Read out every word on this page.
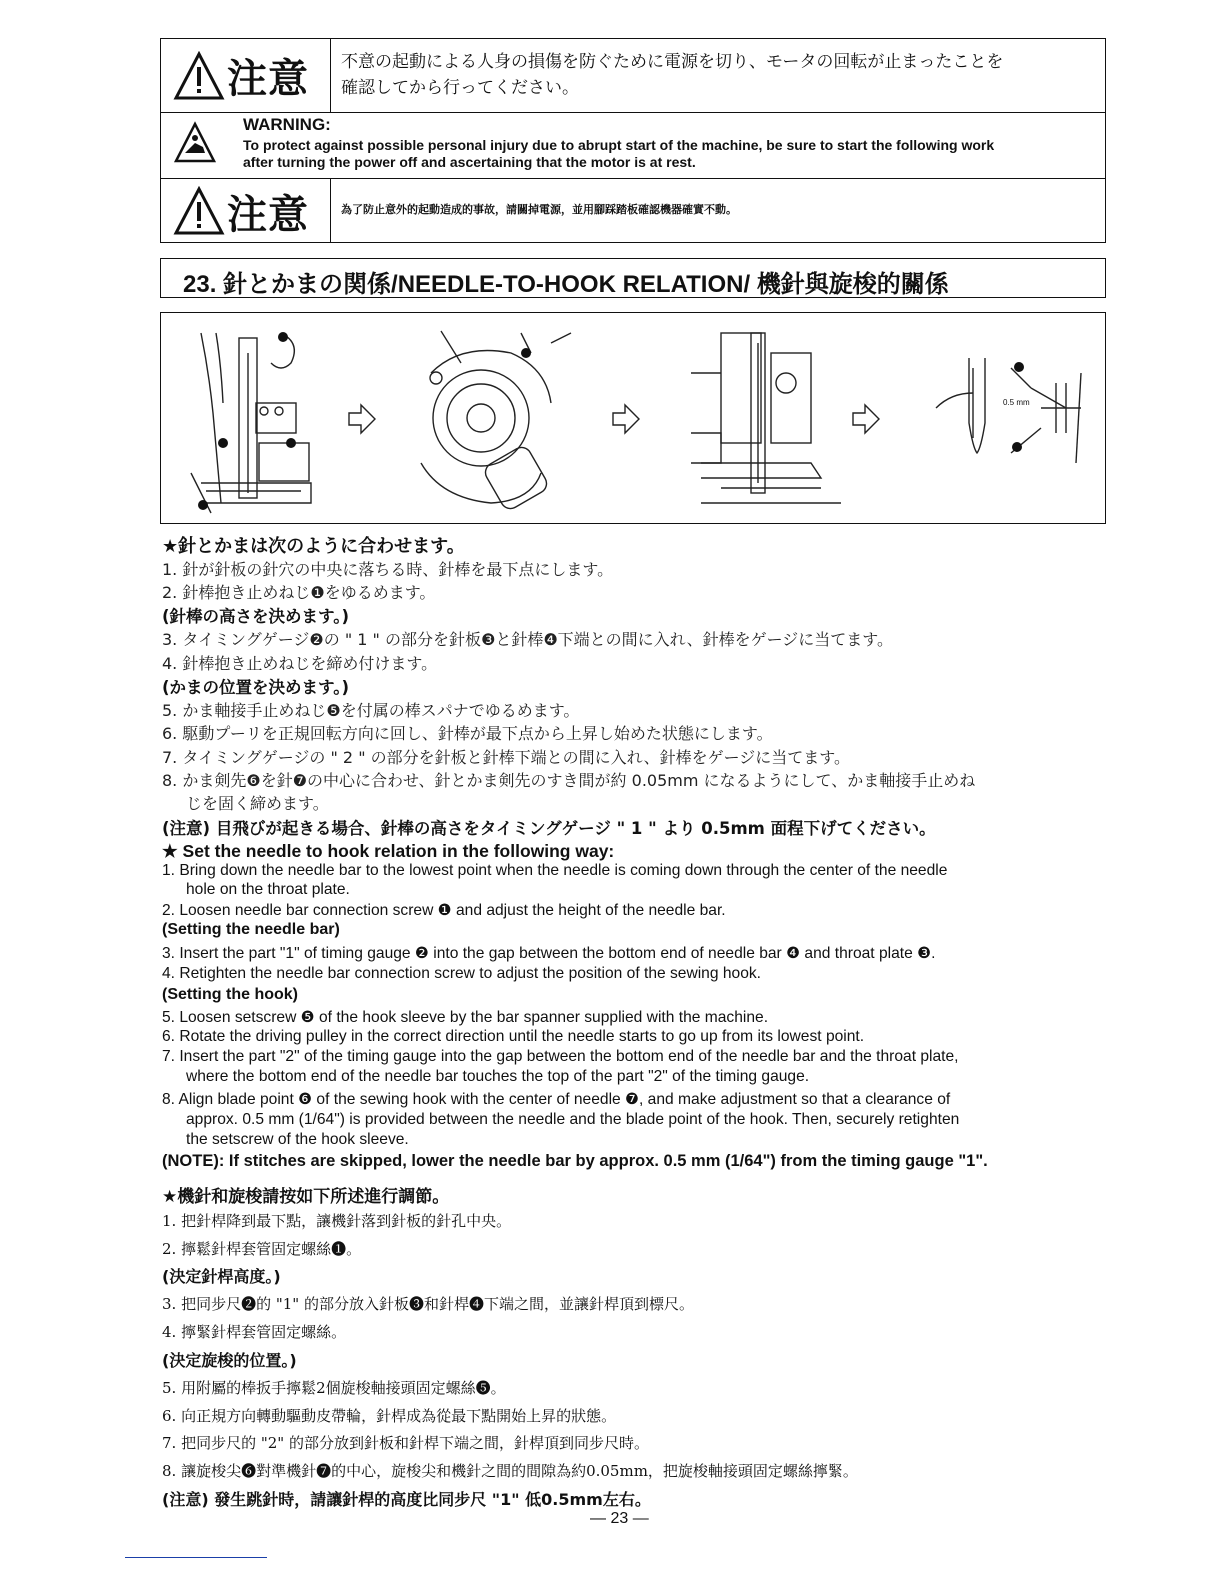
注意 不意の起動による人身の損傷を防ぐために電源を切り、モータの回転が止まったことを
確認してから行ってください。
WARNING:
To protect against possible personal injury due to abrupt start of the machine, be sure to start the following work
after turning the power off and ascertaining that the motor is at rest.
注意	為了防止意外的起動造成的事故，請關掉電源，並用腳踩踏板確認機器確實不動。
23. 針とかまの関係/NEEDLE-TO-HOOK RELATION/ 機針與旋梭的關係
0.5 mm
★針とかまは次のように合わせます。
1. 針が針板の針穴の中央に落ちる時、針棒を最下点にします。
2. 針棒抱き止めねじ❶をゆるめます。
(針棒の高さを決めます。)
3. タイミングゲージ❷の " 1 " の部分を針板❸と針棒❹下端との間に入れ、針棒をゲージに当てます。
4. 針棒抱き止めねじを締め付けます。
(かまの位置を決めます。)
5. かま軸接手止めねじ❺を付属の棒スパナでゆるめます。
6. 駆動プーリを正規回転方向に回し、針棒が最下点から上昇し始めた状態にします。
7. タイミングゲージの " 2 " の部分を針板と針棒下端との間に入れ、針棒をゲージに当てます。
8. かま剣先❻を針❼の中心に合わせ、針とかま剣先のすき間が約 0.05mm になるようにして、かま軸接手止めね
じを固く締めます。
(注意) 目飛びが起きる場合、針棒の高さをタイミングゲージ " 1 " より 0.5mm 面程下げてください。
★ Set the needle to hook relation in the following way:
1. Bring down the needle bar to the lowest point when the needle is coming down through the center of the needle
hole on the throat plate.
2. Loosen needle bar connection screw ❶ and adjust the height of the needle bar.
(Setting the needle bar)
3. Insert the part "1" of timing gauge ❷ into the gap between the bottom end of needle bar ❹ and throat plate ❸.
4. Retighten the needle bar connection screw to adjust the position of the sewing hook.
(Setting the hook)
5. Loosen setscrew ❺ of the hook sleeve by the bar spanner supplied with the machine.
6. Rotate the driving pulley in the correct direction until the needle starts to go up from its lowest point.
7. Insert the part "2" of the timing gauge into the gap between the bottom end of the needle bar and the throat plate,
where the bottom end of the needle bar touches the top of the part "2" of the timing gauge.
8. Align blade point ❻ of the sewing hook with the center of needle ❼, and make adjustment so that a clearance of
approx. 0.5 mm (1/64") is provided between the needle and the blade point of the hook. Then, securely retighten
the setscrew of the hook sleeve.
(NOTE): If stitches are skipped, lower the needle bar by approx. 0.5 mm (1/64") from the timing gauge "1".
★機針和旋梭請按如下所述進行調節。
1. 把針桿降到最下點，讓機針落到針板的針孔中央。
2. 擰鬆針桿套管固定螺絲❶。
(決定針桿高度。)
3. 把同步尺❷的 "1" 的部分放入針板❸和針桿❹下端之間，並讓針桿頂到標尺。
4. 擰緊針桿套管固定螺絲。
(決定旋梭的位置。)
5. 用附屬的棒扳手擰鬆2個旋梭軸接頭固定螺絲❺。
6. 向正規方向轉動驅動皮帶輪，針桿成為從最下點開始上昇的狀態。
7. 把同步尺的 "2" 的部分放到針板和針桿下端之間，針桿頂到同步尺時。
8. 讓旋梭尖❻對準機針❼的中心，旋梭尖和機針之間的間隙為約0.05mm，把旋梭軸接頭固定螺絲擰緊。
(注意) 發生跳針時，請讓針桿的高度比同步尺 "1" 低0.5mm左右。
— 23 —
